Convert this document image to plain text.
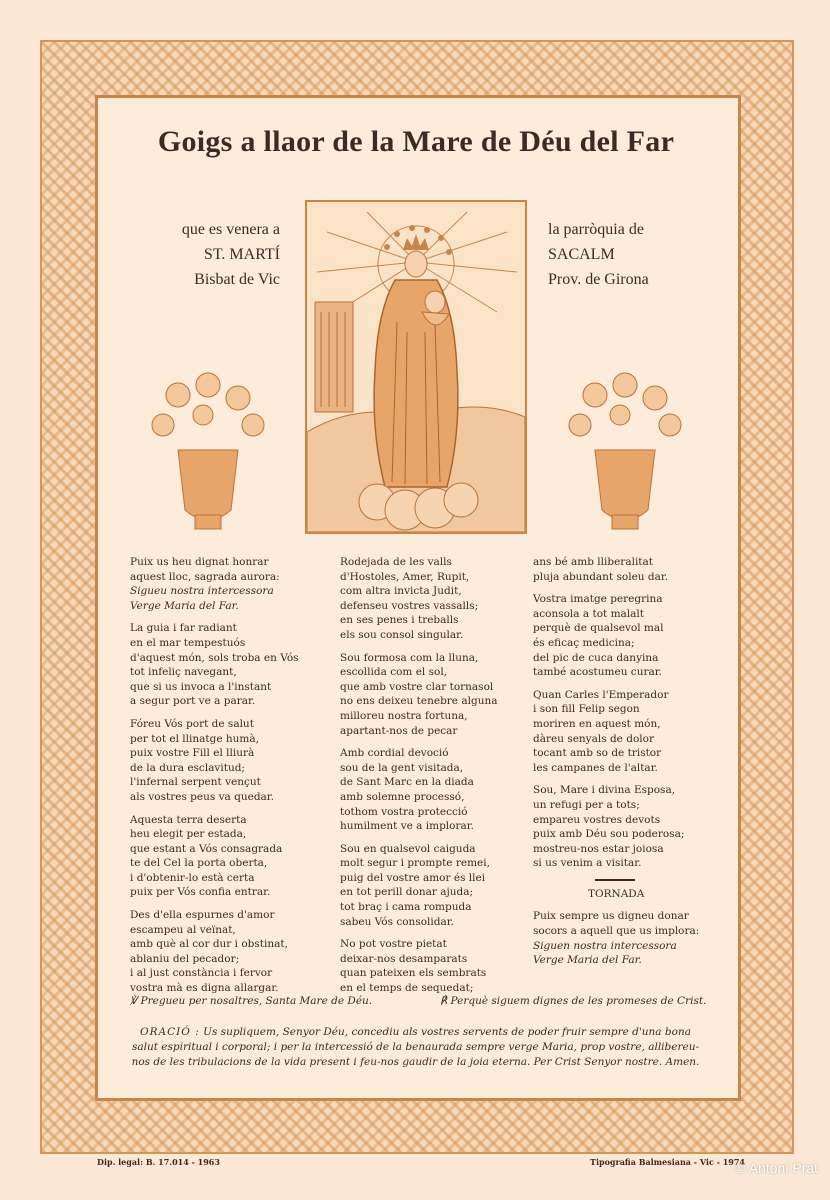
Goigs a llaor de la Mare de Déu del Far
que es venera a
ST. MARTÍ
Bisbat de Vic
la parròquia de
SACALM
Prov. de Girona
Puix us heu dignat honrar
aquest lloc, sagrada aurora:
Sigueu nostra intercessora
Verge Maria del Far.
La guia i far radiant
en el mar tempestuós
d'aquest món, sols troba en Vós
tot infeliç navegant,
que si us invoca a l'instant
a segur port ve a parar.
Fóreu Vós port de salut
per tot el llinatge humà,
puix vostre Fill el lliurà
de la dura esclavitud;
l'infernal serpent vençut
als vostres peus va quedar.
Aquesta terra deserta
heu elegit per estada,
que estant a Vós consagrada
te del Cel la porta oberta,
i d'obtenir-lo està certa
puix per Vós confia entrar.
Des d'ella espurnes d'amor
escampeu al veïnat,
amb què al cor dur i obstinat,
ablaniu del pecador;
i al just constància i fervor
vostra mà es digna allargar.
Rodejada de les valls
d'Hostoles, Amer, Rupit,
com altra invicta Judit,
defenseu vostres vassalls;
en ses penes i treballs
els sou consol singular.
Sou formosa com la lluna,
escollida com el sol,
que amb vostre clar tornasol
no ens deixeu tenebre alguna
milloreu nostra fortuna,
apartant-nos de pecar
Amb cordial devoció
sou de la gent visitada,
de Sant Marc en la diada
amb solemne processó,
tothom vostra protecció
humilment ve a implorar.
Sou en qualsevol caiguda
molt segur i prompte remei,
puig del vostre amor és llei
en tot perill donar ajuda;
tot braç i cama rompuda
sabeu Vós consolidar.
No pot vostre pietat
deixar-nos desamparats
quan pateixen els sembrats
en el temps de sequedat;
ans bé amb lliberalitat
pluja abundant soleu dar.
Vostra imatge peregrina
aconsola a tot malalt
perquè de qualsevol mal
és eficaç medicina;
del pic de cuca danyina
també acostumeu curar.
Quan Carles l'Emperador
i son fill Felip segon
moriren en aquest món,
dàreu senyals de dolor
tocant amb so de tristor
les campanes de l'altar.
Sou, Mare i divina Esposa,
un refugi per a tots;
empareu vostres devots
puix amb Déu sou poderosa;
mostreu-nos estar joiosa
si us venim a visitar.
TORNADA
Puix sempre us digneu donar
socors a aquell que us implora:
Siguen nostra intercessora
Verge Maria del Far.
℣ Pregueu per nosaltres, Santa Mare de Déu.	℟ Perquè siguem dignes de les promeses de Crist.
ORACIÓ : Us supliquem, Senyor Déu, concediu als vostres servents de poder fruir sempre d'una bona salut espiritual i corporal; i per la intercessió de la benaurada sempre verge Maria, prop vostre, allibereu-nos de les tribulacions de la vida present i feu-nos gaudir de la joia eterna. Per Crist Senyor nostre. Amen.
Dip. legal: B. 17.014 - 1963	Tipografia Balmesiana - Vic - 1974
© Antoni Prat
